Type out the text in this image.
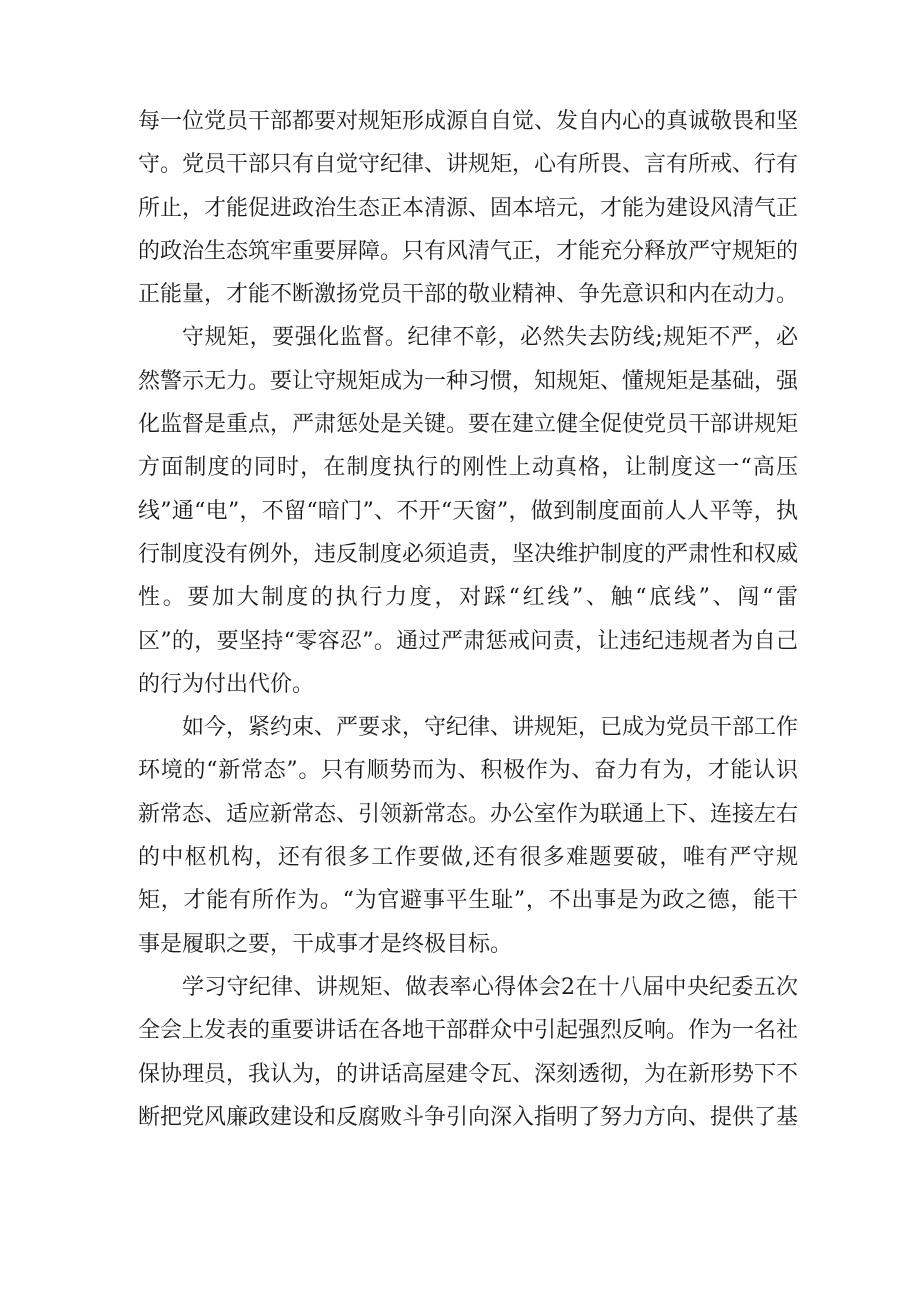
每一位党员干部都要对规矩形成源自自觉、发自内心的真诚敬畏和坚守。党员干部只有自觉守纪律、讲规矩，心有所畏、言有所戒、行有所止，才能促进政治生态正本清源、固本培元，才能为建设风清气正的政治生态筑牢重要屏障。只有风清气正，才能充分释放严守规矩的正能量，才能不断激扬党员干部的敬业精神、争先意识和内在动力。

守规矩，要强化监督。纪律不彰，必然失去防线;规矩不严，必然警示无力。要让守规矩成为一种习惯，知规矩、懂规矩是基础，强化监督是重点，严肃惩处是关键。要在建立健全促使党员干部讲规矩方面制度的同时，在制度执行的刚性上动真格，让制度这一“高压线”通“电”，不留“暗门”、不开“天窗”，做到制度面前人人平等，执行制度没有例外，违反制度必须追责，坚决维护制度的严肃性和权威性。要加大制度的执行力度，对踩“红线”、触“底线”、闯“雷区”的，要坚持“零容忍”。通过严肃惩戒问责，让违纪违规者为自己的行为付出代价。

如今，紧约束、严要求，守纪律、讲规矩，已成为党员干部工作环境的“新常态”。只有顺势而为、积极作为、奋力有为，才能认识新常态、适应新常态、引领新常态。办公室作为联通上下、连接左右的中枢机构，还有很多工作要做,还有很多难题要破，唯有严守规矩，才能有所作为。“为官避事平生耻”，不出事是为政之德，能干事是履职之要，干成事才是终极目标。

学习守纪律、讲规矩、做表率心得体会2在十八届中央纪委五次全会上发表的重要讲话在各地干部群众中引起强烈反响。作为一名社保协理员，我认为，的讲话高屋建令瓦、深刻透彻，为在新形势下不断把党风廉政建设和反腐败斗争引向深入指明了努力方向、提供了基
